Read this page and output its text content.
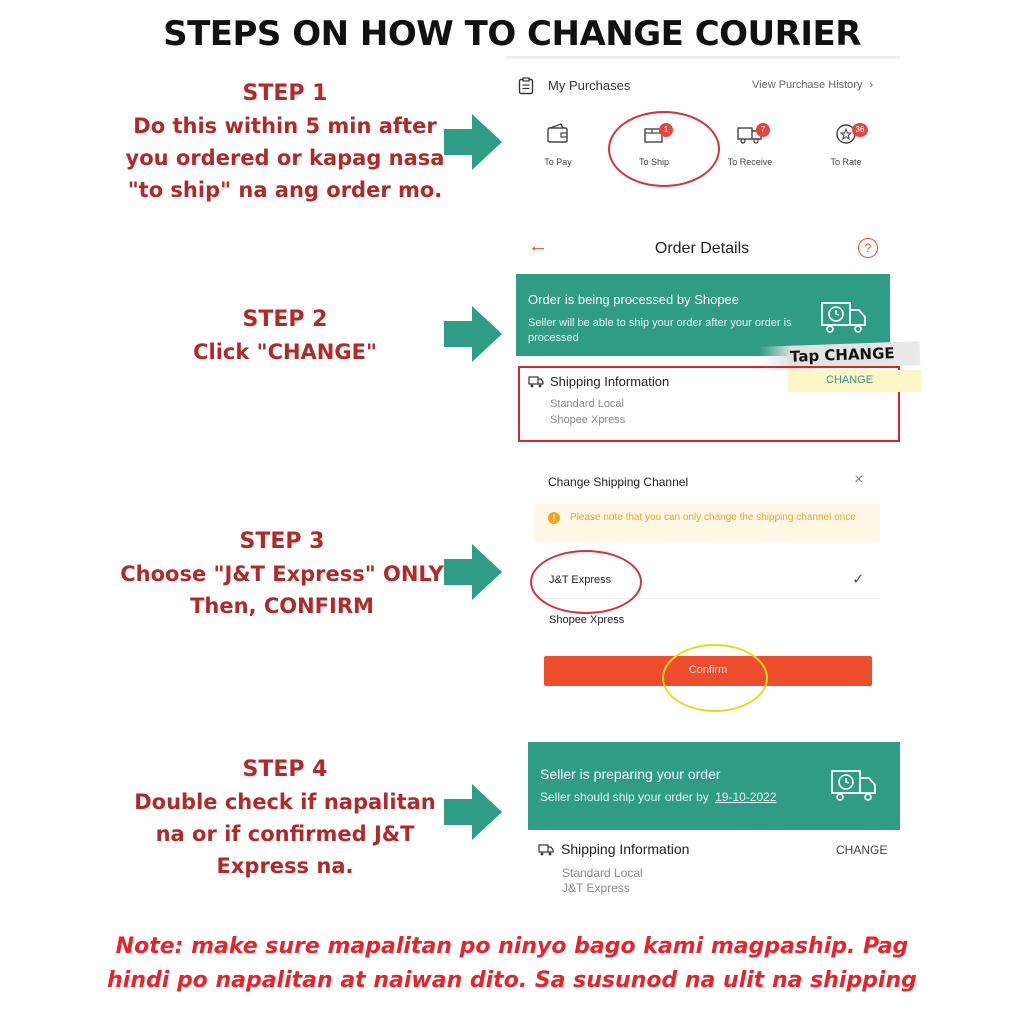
STEPS ON HOW TO CHANGE COURIER
STEP 1
Do this within 5 min after
you ordered or kapag nasa
"to ship" na ang order mo.
STEP 2
Click "CHANGE"
STEP 3
Choose "J&T Express" ONLY
Then, CONFIRM
STEP 4
Double check if napalitan
na or if confirmed J&T
Express na.
My Purchases	View Purchase History ›
To Pay
1
To Ship
7
To Receive
36
To Rate
←	Order Details	?
Order is being processed by Shopee
Seller will be able to ship your order after your order is processed
Tap CHANGE
Shipping Information	CHANGE
Standard Local
Shopee Xpress
Change Shipping Channel	×
!	Please note that you can only change the shipping channel once
J&T Express	✓
Shopee Xpress
Confirm
Seller is preparing your order
Seller should ship your order by 19-10-2022
Shipping Information	CHANGE
Standard Local
J&T Express
Note: make sure mapalitan po ninyo bago kami magpaship. Pag
hindi po napalitan at naiwan dito. Sa susunod na ulit na shipping
